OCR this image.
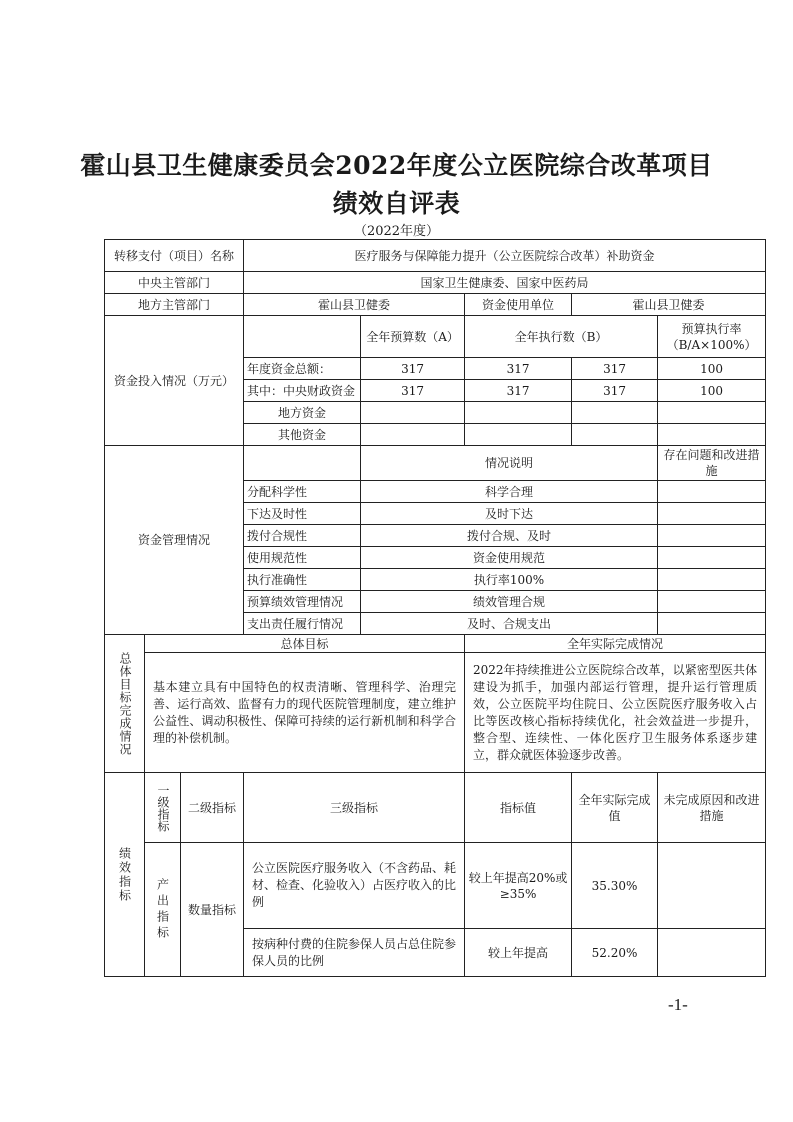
霍山县卫生健康委员会2022年度公立医院综合改革项目
绩效自评表
（2022年度）
转移支付（项目）名称			医疗服务与保障能力提升（公立医院综合改革）补助资金				
中央主管部门			国家卫生健康委、国家中医药局				
地方主管部门			霍山县卫健委		资金使用单位	霍山县卫健委	
资金投入情况（万元）				全年预算数（A）	全年执行数（B）		预算执行率（B/A×100%）
			年度资金总额：	317	317	317	100
			其中：中央财政资金	317	317	317	100
			地方资金				
			其他资金				
资金管理情况				情况说明			存在问题和改进措施
			分配科学性	科学合理			
			下达及时性	及时下达			
			拨付合规性	拨付合规、及时			
			使用规范性	资金使用规范			
			执行准确性	执行率100%			
			预算绩效管理情况	绩效管理合规			
			支出责任履行情况	及时、合规支出			
总体目标完成情况	总体目标				全年实际完成情况		
	基本建立具有中国特色的权责清晰、管理科学、治理完善、运行高效、监督有力的现代医院管理制度，建立维护公益性、调动积极性、保障可持续的运行新机制和科学合理的补偿机制。				2022年持续推进公立医院综合改革，以紧密型医共体建设为抓手，加强内部运行管理，提升运行管理质效，公立医院平均住院日、公立医院医疗服务收入占比等医改核心指标持续优化，社会效益进一步提升，整合型、连续性、一体化医疗卫生服务体系逐步建立，群众就医体验逐步改善。		
绩效指标	一级指标	二级指标	三级指标		指标值	全年实际完成值	未完成原因和改进措施
	产出指标	数量指标	公立医院医疗服务收入（不含药品、耗材、检查、化验收入）占医疗收入的比例		较上年提高20%或≥35%	35.30%	
			按病种付费的住院参保人员占总住院参保人员的比例		较上年提高	52.20%	
-1-
